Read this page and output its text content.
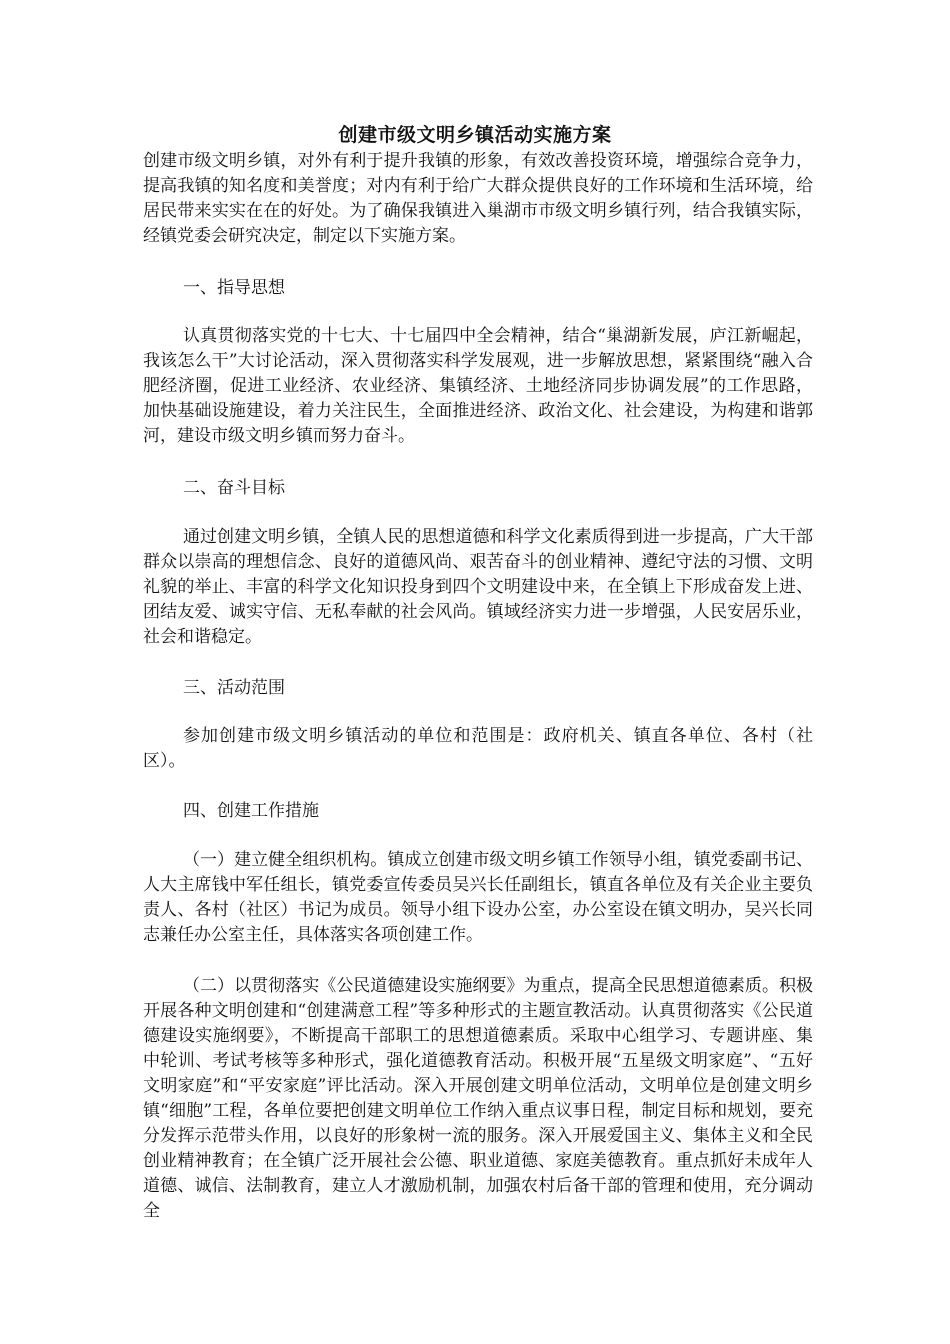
创建市级文明乡镇活动实施方案

创建市级文明乡镇，对外有利于提升我镇的形象，有效改善投资环境，增强综合竞争力，提高我镇的知名度和美誉度；对内有利于给广大群众提供良好的工作环境和生活环境，给居民带来实实在在的好处。为了确保我镇进入巢湖市市级文明乡镇行列，结合我镇实际，经镇党委会研究决定，制定以下实施方案。

一、指导思想

认真贯彻落实党的十七大、十七届四中全会精神，结合“巢湖新发展，庐江新崛起，我该怎么干”大讨论活动，深入贯彻落实科学发展观，进一步解放思想，紧紧围绕“融入合肥经济圈，促进工业经济、农业经济、集镇经济、土地经济同步协调发展”的工作思路，加快基础设施建设，着力关注民生，全面推进经济、政治文化、社会建设，为构建和谐郭河，建设市级文明乡镇而努力奋斗。

二、奋斗目标

通过创建文明乡镇，全镇人民的思想道德和科学文化素质得到进一步提高，广大干部群众以崇高的理想信念、良好的道德风尚、艰苦奋斗的创业精神、遵纪守法的习惯、文明礼貌的举止、丰富的科学文化知识投身到四个文明建设中来，在全镇上下形成奋发上进、团结友爱、诚实守信、无私奉献的社会风尚。镇域经济实力进一步增强，人民安居乐业，社会和谐稳定。

三、活动范围

参加创建市级文明乡镇活动的单位和范围是：政府机关、镇直各单位、各村（社区）。

四、创建工作措施

（一）建立健全组织机构。镇成立创建市级文明乡镇工作领导小组，镇党委副书记、人大主席钱中军任组长，镇党委宣传委员吴兴长任副组长，镇直各单位及有关企业主要负责人、各村（社区）书记为成员。领导小组下设办公室，办公室设在镇文明办，吴兴长同志兼任办公室主任，具体落实各项创建工作。

（二）以贯彻落实《公民道德建设实施纲要》为重点，提高全民思想道德素质。积极开展各种文明创建和“创建满意工程”等多种形式的主题宣教活动。认真贯彻落实《公民道德建设实施纲要》，不断提高干部职工的思想道德素质。采取中心组学习、专题讲座、集中轮训、考试考核等多种形式，强化道德教育活动。积极开展“五星级文明家庭”、“五好文明家庭”和“平安家庭”评比活动。深入开展创建文明单位活动，文明单位是创建文明乡镇“细胞”工程，各单位要把创建文明单位工作纳入重点议事日程，制定目标和规划，要充分发挥示范带头作用，以良好的形象树一流的服务。深入开展爱国主义、集体主义和全民创业精神教育；在全镇广泛开展社会公德、职业道德、家庭美德教育。重点抓好未成年人道德、诚信、法制教育，建立人才激励机制，加强农村后备干部的管理和使用，充分调动全
